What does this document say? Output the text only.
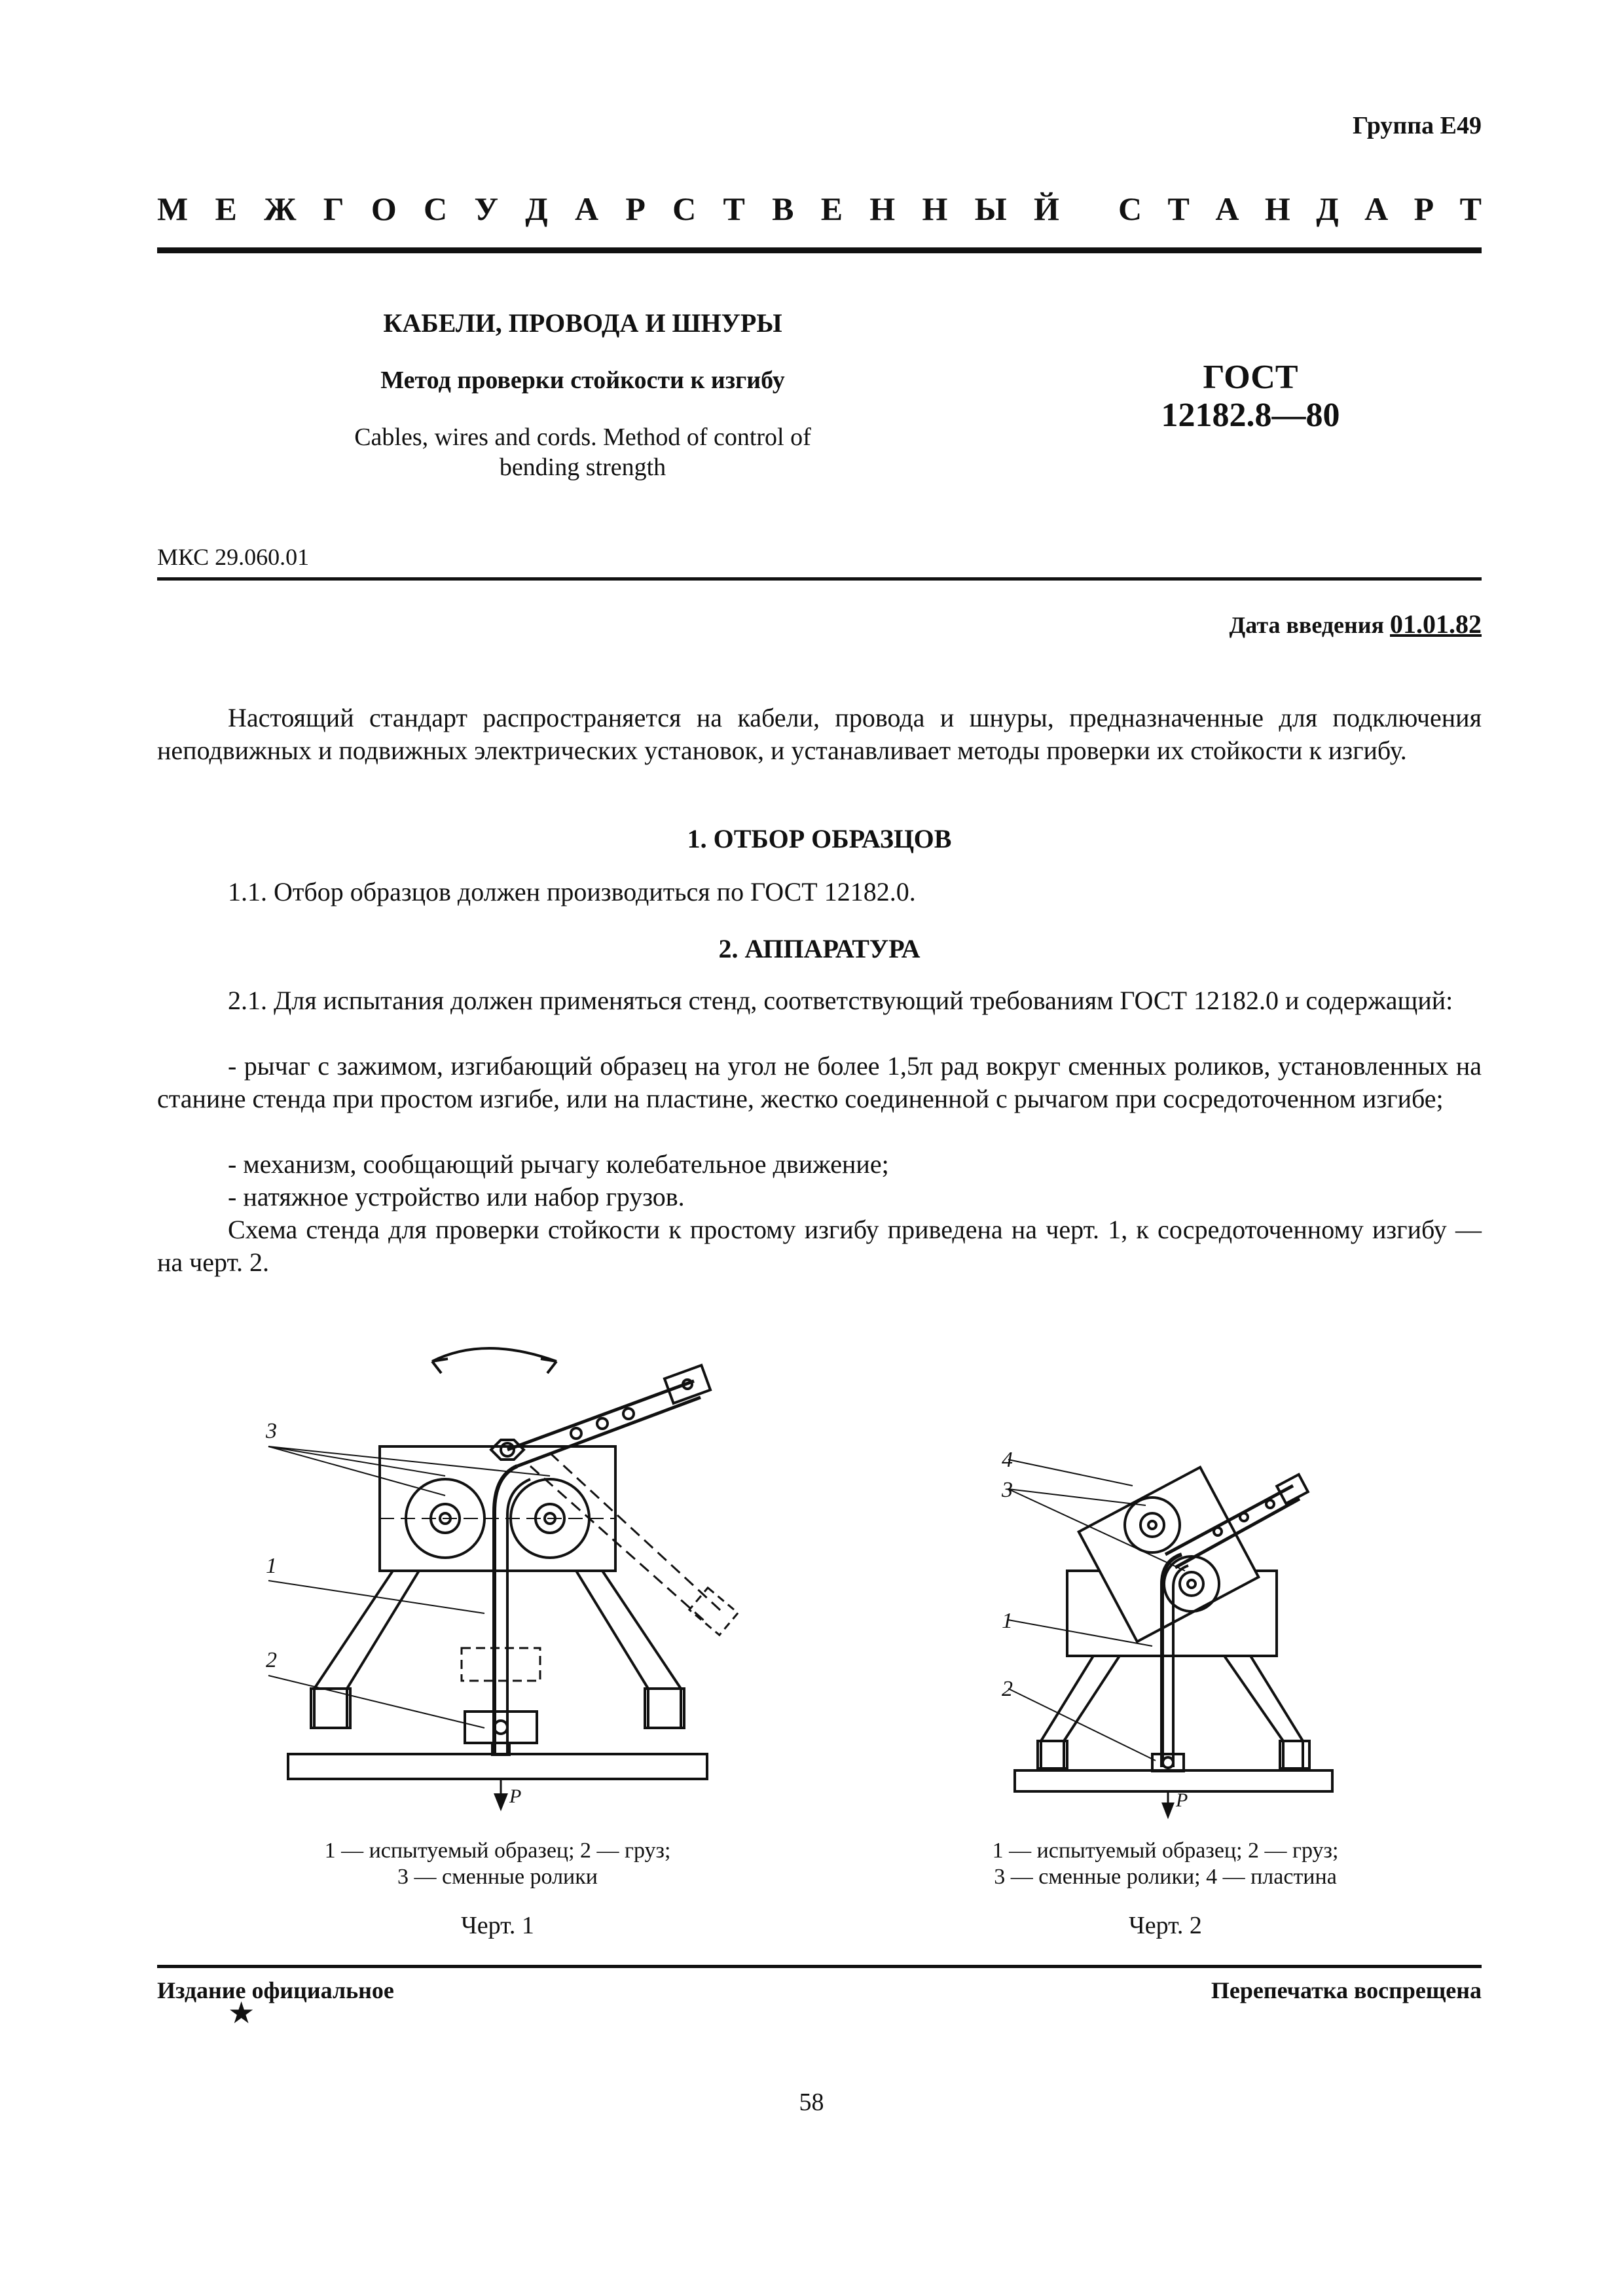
Группа Е49
М Е Ж Г О С У Д А Р С Т В Е Н Н Ы Й С Т А Н Д А Р Т
КАБЕЛИ, ПРОВОДА И ШНУРЫ
Метод проверки стойкости к изгибу
Cables, wires and cords. Method of control of
bending strength
ГОСТ
12182.8—80
МКС 29.060.01
Дата введения 01.01.82
Настоящий стандарт распространяется на кабели, провода и шнуры, предназначенные для подключения неподвижных и подвижных электрических установок, и устанавливает методы проверки их стойкости к изгибу.
1. ОТБОР ОБРАЗЦОВ
1.1. Отбор образцов должен производиться по ГОСТ 12182.0.
2. АППАРАТУРА
2.1. Для испытания должен применяться стенд, соответствующий требованиям ГОСТ 12182.0 и содержащий:
- рычаг с зажимом, изгибающий образец на угол не более 1,5π рад вокруг сменных роликов, установленных на станине стенда при простом изгибе, или на пластине, жестко соединенной с рычагом при сосредоточенном изгибе;
- механизм, сообщающий рычагу колебательное движение;
- натяжное устройство или набор грузов.
Схема стенда для проверки стойкости к простому изгибу приведена на черт. 1, к сосредоточенному изгибу — на черт. 2.
3
1
2
P
1 — испытуемый образец; 2 — груз;
3 — сменные ролики
Черт. 1
4
3
1
2
P
1 — испытуемый образец; 2 — груз;
3 — сменные ролики; 4 — пластина
Черт. 2
Издание официальное	Перепечатка воспрещена
★
58
